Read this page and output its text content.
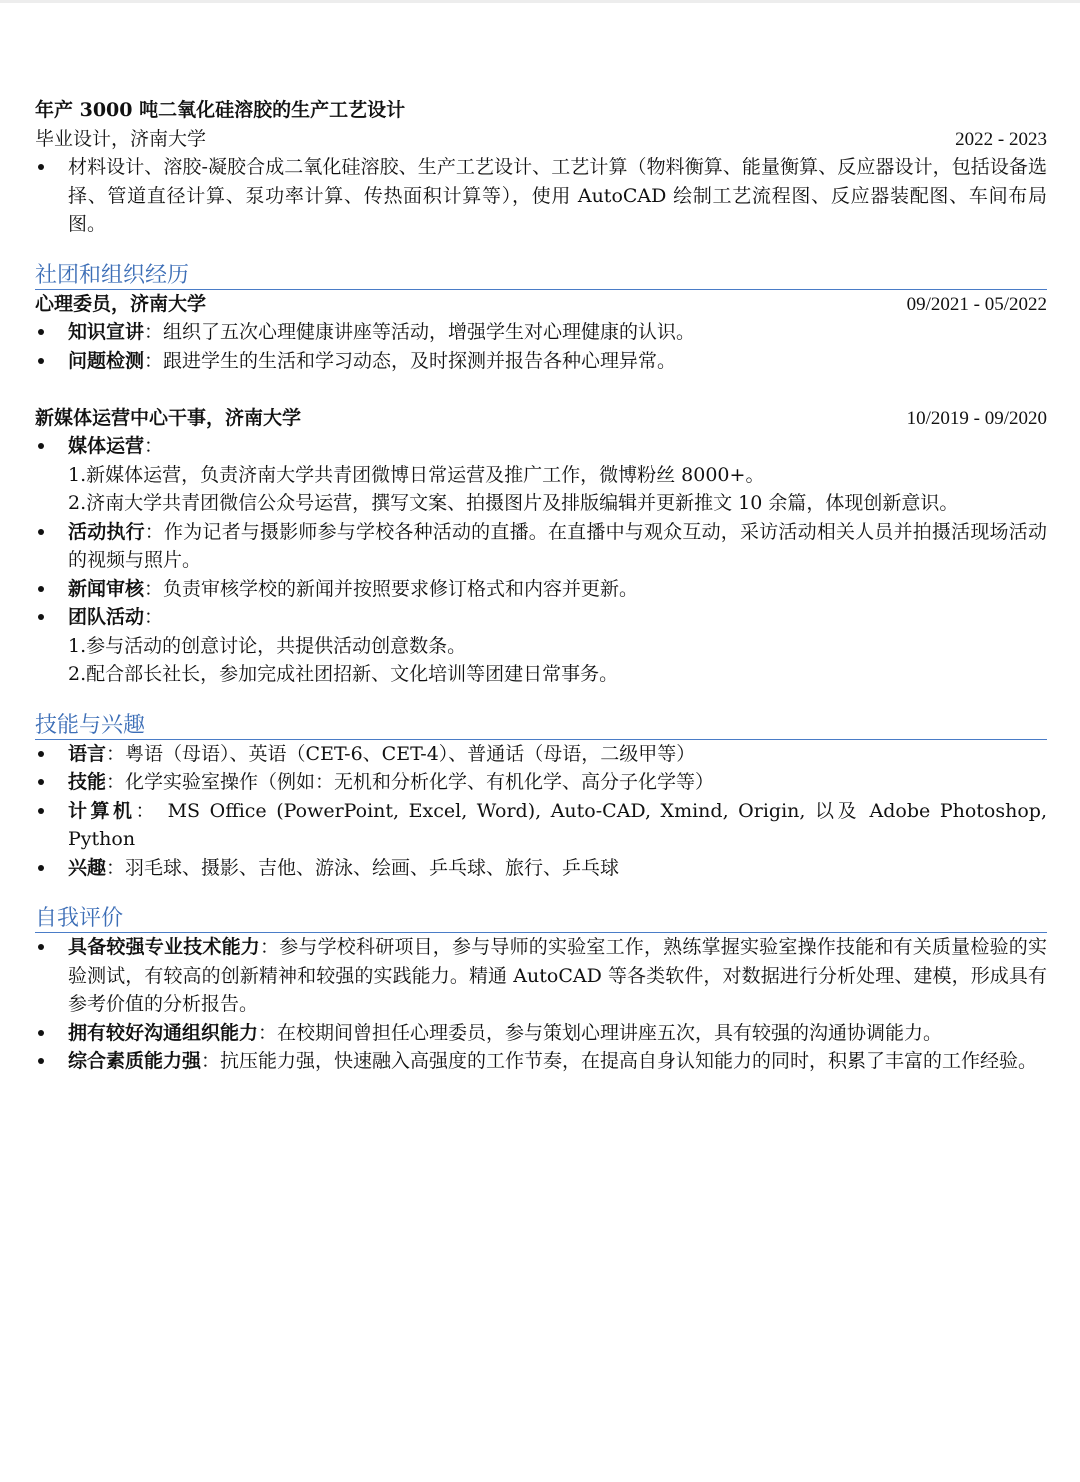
年产 3000 吨二氧化硅溶胶的生产工艺设计
毕业设计，济南大学	2022 - 2023
材料设计、溶胶-凝胶合成二氧化硅溶胶、生产工艺设计、工艺计算（物料衡算、能量衡算、反应器设计，包括设备选择、管道直径计算、泵功率计算、传热面积计算等），使用 AutoCAD 绘制工艺流程图、反应器装配图、车间布局图。
社团和组织经历
心理委员，济南大学	09/2021 - 05/2022
知识宣讲：组织了五次心理健康讲座等活动，增强学生对心理健康的认识。
问题检测：跟进学生的生活和学习动态，及时探测并报告各种心理异常。
新媒体运营中心干事，济南大学	10/2019 - 09/2020
媒体运营：
1.新媒体运营，负责济南大学共青团微博日常运营及推广工作，微博粉丝 8000+。
2.济南大学共青团微信公众号运营，撰写文案、拍摄图片及排版编辑并更新推文 10 余篇，体现创新意识。
活动执行：作为记者与摄影师参与学校各种活动的直播。在直播中与观众互动，采访活动相关人员并拍摄活现场活动的视频与照片。
新闻审核：负责审核学校的新闻并按照要求修订格式和内容并更新。
团队活动：
1.参与活动的创意讨论，共提供活动创意数条。
2.配合部长社长，参加完成社团招新、文化培训等团建日常事务。
技能与兴趣
语言：粤语（母语）、英语（CET-6、CET-4）、普通话（母语，二级甲等）
技能：化学实验室操作（例如：无机和分析化学、有机化学、高分子化学等）
计算机： MS Office (PowerPoint, Excel, Word), Auto-CAD, Xmind, Origin, 以及 Adobe Photoshop, Python
兴趣：羽毛球、摄影、吉他、游泳、绘画、乒乓球、旅行、乒乓球
自我评价
具备较强专业技术能力：参与学校科研项目，参与导师的实验室工作，熟练掌握实验室操作技能和有关质量检验的实验测试，有较高的创新精神和较强的实践能力。精通 AutoCAD 等各类软件，对数据进行分析处理、建模，形成具有参考价值的分析报告。
拥有较好沟通组织能力：在校期间曾担任心理委员，参与策划心理讲座五次，具有较强的沟通协调能力。
综合素质能力强：抗压能力强，快速融入高强度的工作节奏，在提高自身认知能力的同时，积累了丰富的工作经验。
